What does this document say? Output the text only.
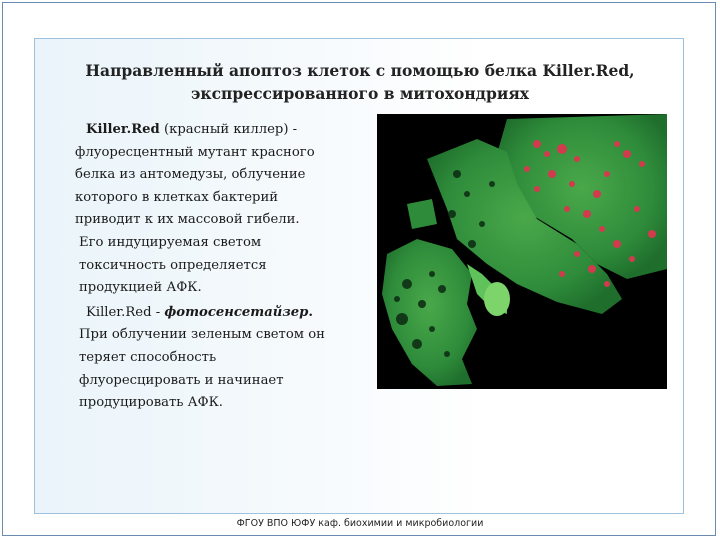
Направленный апоптоз клеток с помощью белка Killer.Red,
экспрессированного в митохондриях
Killer.Red (красный киллер) -
флуоресцентный мутант красного
белка из антомедузы, облучение
которого в клетках бактерий
приводит к их массовой гибели.
Его индуцируемая светом
токсичность определяется
продукцией АФК.
Killer.Red - фотосенсетайзер.
При облучении зеленым светом он
теряет способность
флуоресцировать и начинает
продуцировать АФК.
ФГОУ ВПО ЮФУ каф. биохимии и микробиологии
